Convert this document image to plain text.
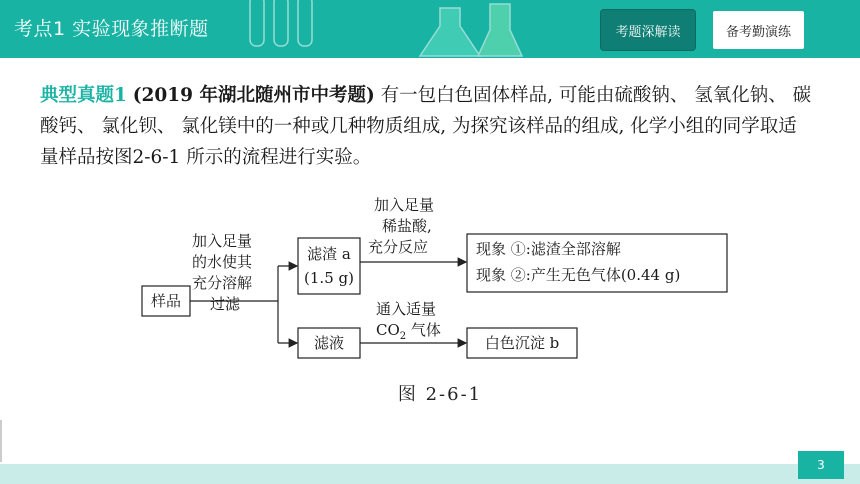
考点1 实验现象推断题	考题深解读	备考勤演练
典型真题1 (2019 年湖北随州市中考题) 有一包白色固体样品, 可能由硫酸钠、 氢氧化钠、 碳酸钙、 氯化钡、 氯化镁中的一种或几种物质组成, 为探究该样品的组成, 化学小组的同学取适量样品按图2-6-1 所示的流程进行实验。
样品
加入足量
的水使其
充分溶解
过滤
滤渣 a
(1.5 g)
滤液
加入足量
稀盐酸,
充分反应	现象 ①:滤渣全部溶解
现象 ②:产生无色气体(0.44 g)
通入适量
$CO_2$ 气体
白色沉淀 b
图 2-6-1
3
